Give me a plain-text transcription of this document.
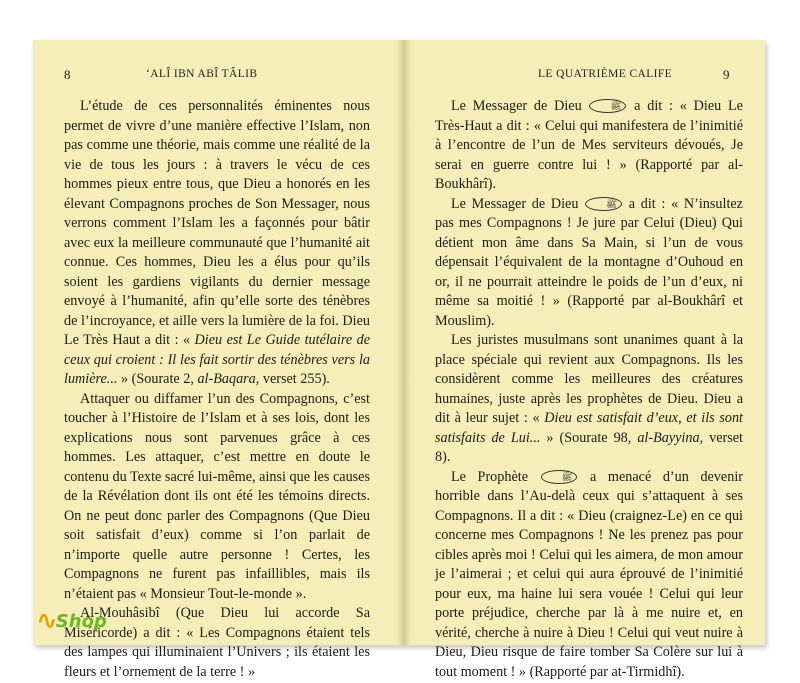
8	‘ALÎ IBN ABÎ TÂLIB

L’étude de ces personnalités éminentes nous permet de vivre d’une manière effective l’Islam, non pas comme une théorie, mais comme une réalité de la vie de tous les jours : à travers le vécu de ces hommes pieux entre tous, que Dieu a honorés en les élevant Compagnons proches de Son Messager, nous verrons comment l’Islam les a façonnés pour bâtir avec eux la meilleure communauté que l’humanité ait connue. Ces hommes, Dieu les a élus pour qu’ils soient les gardiens vigilants du dernier message envoyé à l’humanité, afin qu’elle sorte des ténèbres de l’incroyance, et aille vers la lumière de la foi. Dieu Le Très Haut a dit : « Dieu est Le Guide tutélaire de ceux qui croient : Il les fait sortir des ténèbres vers la lumière... » (Sourate 2, al-Baqara, verset 255).

Attaquer ou diffamer l’un des Compagnons, c’est toucher à l’Histoire de l’Islam et à ses lois, dont les explications nous sont parvenues grâce à ces hommes. Les attaquer, c’est mettre en doute le contenu du Texte sacré lui-même, ainsi que les causes de la Révélation dont ils ont été les témoins directs. On ne peut donc parler des Compagnons (Que Dieu soit satisfait d’eux) comme si l’on parlait de n’importe quelle autre personne ! Certes, les Compagnons ne furent pas infaillibles, mais ils n’étaient pas « Monsieur Tout-le-monde ».

Al-Mouhâsibî (Que Dieu lui accorde Sa Miséricorde) a dit : « Les Compagnons étaient tels des lampes qui illuminaient l’Univers ; ils étaient les fleurs et l’ornement de la terre ! »

LE QUATRIÈME CALIFE	9

Le Messager de Dieu ﷺ a dit : « Dieu Le Très-Haut a dit : « Celui qui manifestera de l’inimitié à l’encontre de l’un de Mes serviteurs dévoués, Je serai en guerre contre lui ! » (Rapporté par al-Boukhârî).

Le Messager de Dieu ﷺ a dit : « N’insultez pas mes Compagnons ! Je jure par Celui (Dieu) Qui détient mon âme dans Sa Main, si l’un de vous dépensait l’équivalent de la montagne d’Ouhoud en or, il ne pourrait atteindre le poids de l’un d’eux, ni même sa moitié ! » (Rapporté par al-Boukhârî et Mouslim).

Les juristes musulmans sont unanimes quant à la place spéciale qui revient aux Compagnons. Ils les considèrent comme les meilleures des créatures humaines, juste après les prophètes de Dieu. Dieu a dit à leur sujet : « Dieu est satisfait d’eux, et ils sont satisfaits de Lui... » (Sourate 98, al-Bayyina, verset 8).

Le Prophète ﷺ a menacé d’un devenir horrible dans l’Au-delà ceux qui s’attaquent à ses Compagnons. Il a dit : « Dieu (craignez-Le) en ce qui concerne mes Compagnons ! Ne les prenez pas pour cibles après moi ! Celui qui les aimera, de mon amour je l’aimerai ; et celui qui aura éprouvé de l’inimitié pour eux, ma haine lui sera vouée ! Celui qui leur porte préjudice, cherche par là à me nuire et, en vérité, cherche à nuire à Dieu ! Celui qui veut nuire à Dieu, Dieu risque de faire tomber Sa Colère sur lui à tout moment ! » (Rapporté par at-Tirmidhî).

∿ Shop
